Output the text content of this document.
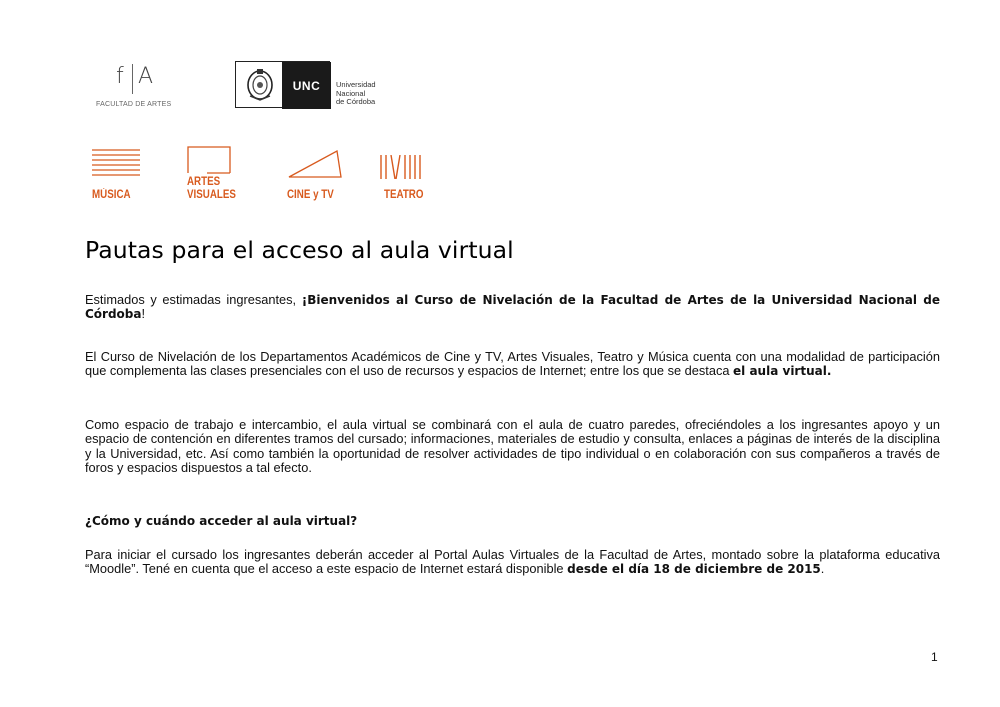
f A
FACULTAD DE ARTES
UNC	Universidad
Nacional
de Córdoba
MÚSICA
ARTES
VISUALES	CINE y TV	TEATRO
Pautas para el acceso al aula virtual
Estimados y estimadas ingresantes, ¡Bienvenidos al Curso de Nivelación de la Facultad de Artes de la Universidad Nacional de Córdoba!
El Curso de Nivelación de los Departamentos Académicos de Cine y TV, Artes Visuales, Teatro y Música cuenta con una modalidad de participación que complementa las clases presenciales con el uso de recursos y espacios de Internet; entre los que se destaca el aula virtual.
Como espacio de trabajo e intercambio, el aula virtual se combinará con el aula de cuatro paredes, ofreciéndoles a los ingresantes apoyo y un espacio de contención en diferentes tramos del cursado; informaciones, materiales de estudio y consulta, enlaces a páginas de interés de la disciplina y la Universidad, etc. Así como también la oportunidad de resolver actividades de tipo individual o en colaboración con sus compañeros a través de foros y espacios dispuestos a tal efecto.
¿Cómo y cuándo acceder al aula virtual?
Para iniciar el cursado los ingresantes deberán acceder al Portal Aulas Virtuales de la Facultad de Artes, montado sobre la plataforma educativa “Moodle”. Tené en cuenta que el acceso a este espacio de Internet estará disponible desde el día 18 de diciembre de 2015.
1
